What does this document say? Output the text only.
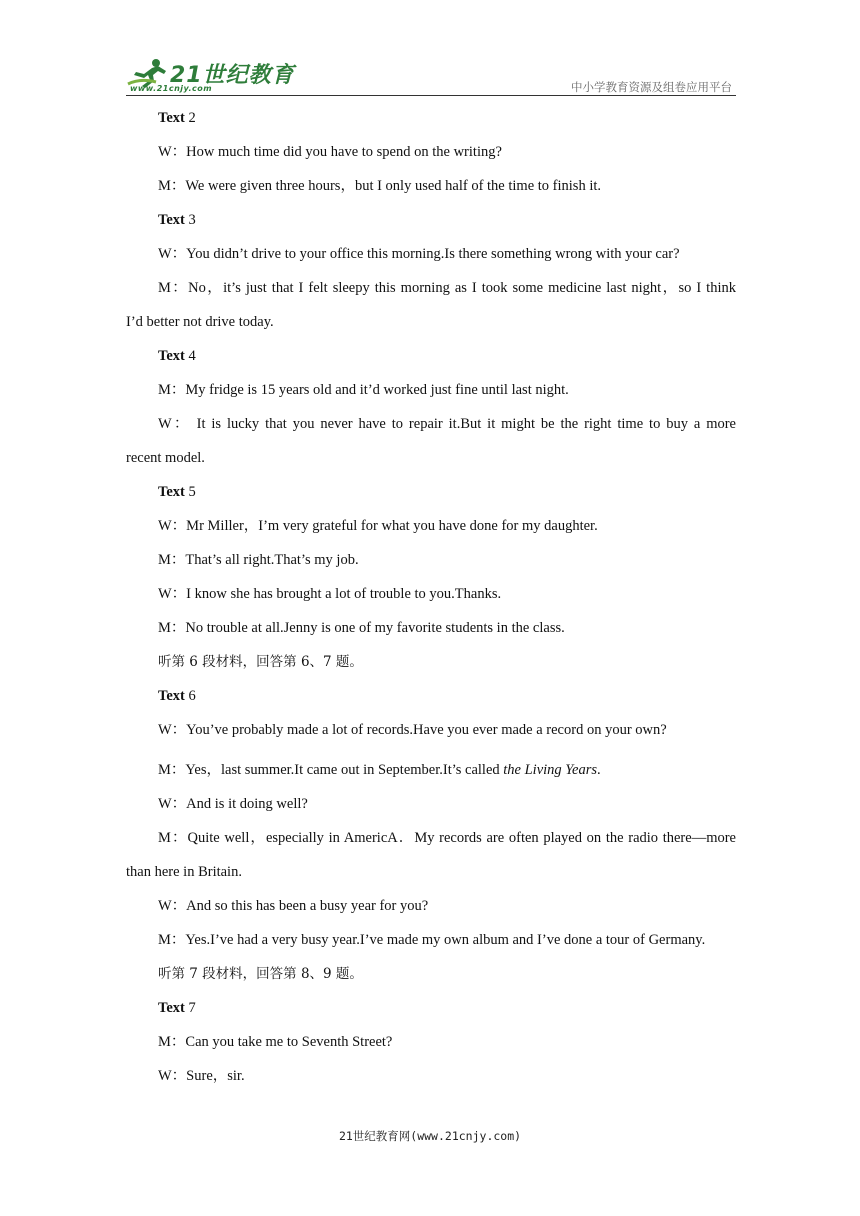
21世纪教育
www.21cnjy.com	中小学教育资源及组卷应用平台
Text 2
W：How much time did you have to spend on the writing?
M：We were given three hours，but I only used half of the time to finish it.
Text 3
W：You didn’t drive to your office this morning.Is there something wrong with your car?
M：No，it’s just that I felt sleepy this morning as I took some medicine last night，so I think
I’d better not drive today.
Text 4
M：My fridge is 15 years old and it’d worked just fine until last night.
W： It is lucky that you never have to repair it.But it might be the right time to buy a more
recent model.
Text 5
W：Mr Miller，I’m very grateful for what you have done for my daughter.
M：That’s all right.That’s my job.
W：I know she has brought a lot of trouble to you.Thanks.
M：No trouble at all.Jenny is one of my favorite students in the class.
听第 6 段材料，回答第 6、7 题。
Text 6
W：You’ve probably made a lot of records.Have you ever made a record on your own?
M：Yes，last summer.It came out in September.It’s called the Living Years.
W：And is it doing well?
M：Quite well，especially in AmericA．My records are often played on the radio there—more
than here in Britain.
W：And so this has been a busy year for you?
M：Yes.I’ve had a very busy year.I’ve made my own album and I’ve done a tour of Germany.
听第 7 段材料，回答第 8、9 题。
Text 7
M：Can you take me to Seventh Street?
W：Sure，sir.
21世纪教育网(www.21cnjy.com)
